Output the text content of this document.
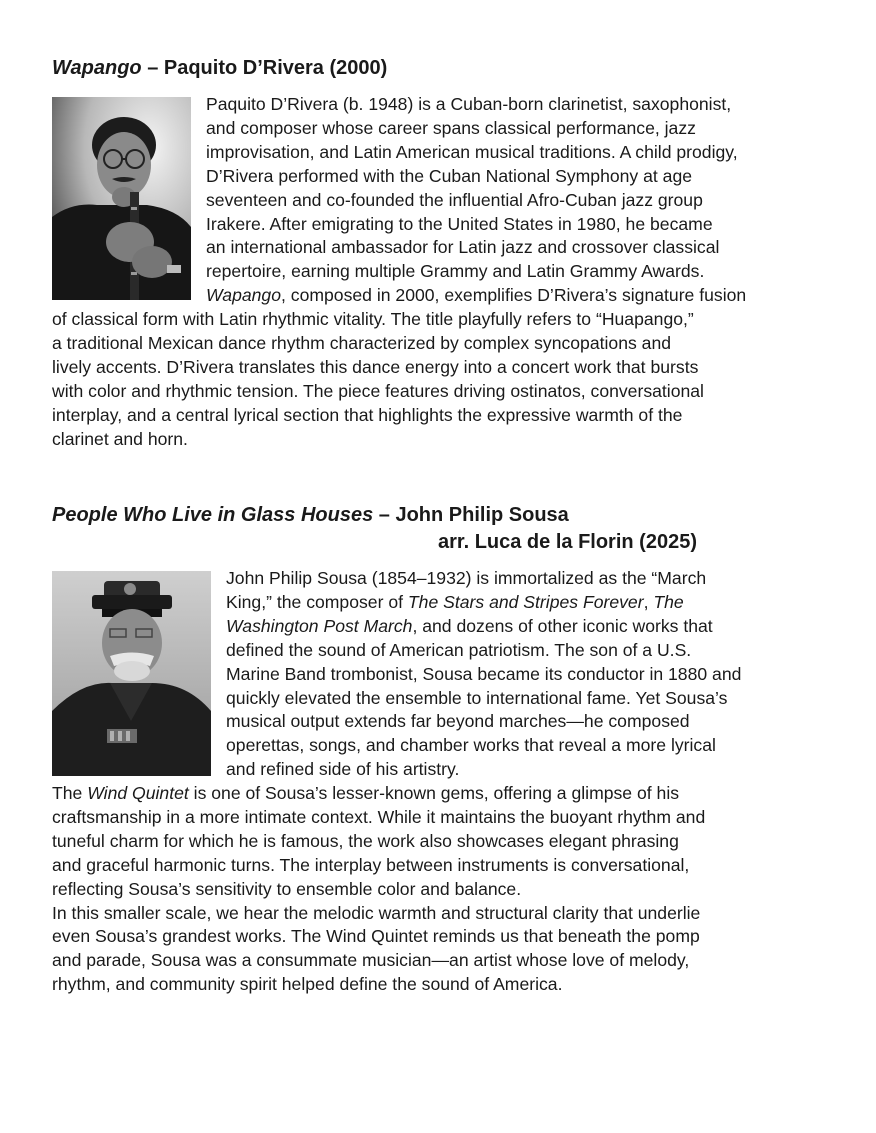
Wapango – Paquito D’Rivera (2000)
Paquito D’Rivera (b. 1948) is a Cuban-born clarinetist, saxophonist,
and composer whose career spans classical performance, jazz
improvisation, and Latin American musical traditions. A child prodigy,
D’Rivera performed with the Cuban National Symphony at age
seventeen and co-founded the influential Afro-Cuban jazz group
Irakere. After emigrating to the United States in 1980, he became
an international ambassador for Latin jazz and crossover classical
repertoire, earning multiple Grammy and Latin Grammy Awards.
Wapango, composed in 2000, exemplifies D’Rivera’s signature fusion
of classical form with Latin rhythmic vitality. The title playfully refers to “Huapango,”
a traditional Mexican dance rhythm characterized by complex syncopations and
lively accents. D’Rivera translates this dance energy into a concert work that bursts
with color and rhythmic tension. The piece features driving ostinatos, conversational
interplay, and a central lyrical section that highlights the expressive warmth of the
clarinet and horn.
People Who Live in Glass Houses – John Philip Sousa
arr. Luca de la Florin (2025)
John Philip Sousa (1854–1932) is immortalized as the “March
King,” the composer of The Stars and Stripes Forever, The
Washington Post March, and dozens of other iconic works that
defined the sound of American patriotism. The son of a U.S.
Marine Band trombonist, Sousa became its conductor in 1880 and
quickly elevated the ensemble to international fame. Yet Sousa’s
musical output extends far beyond marches—he composed
operettas, songs, and chamber works that reveal a more lyrical
and refined side of his artistry.
The Wind Quintet is one of Sousa’s lesser-known gems, offering a glimpse of his
craftsmanship in a more intimate context. While it maintains the buoyant rhythm and
tuneful charm for which he is famous, the work also showcases elegant phrasing
and graceful harmonic turns. The interplay between instruments is conversational,
reflecting Sousa’s sensitivity to ensemble color and balance.
In this smaller scale, we hear the melodic warmth and structural clarity that underlie
even Sousa’s grandest works. The Wind Quintet reminds us that beneath the pomp
and parade, Sousa was a consummate musician—an artist whose love of melody,
rhythm, and community spirit helped define the sound of America.
